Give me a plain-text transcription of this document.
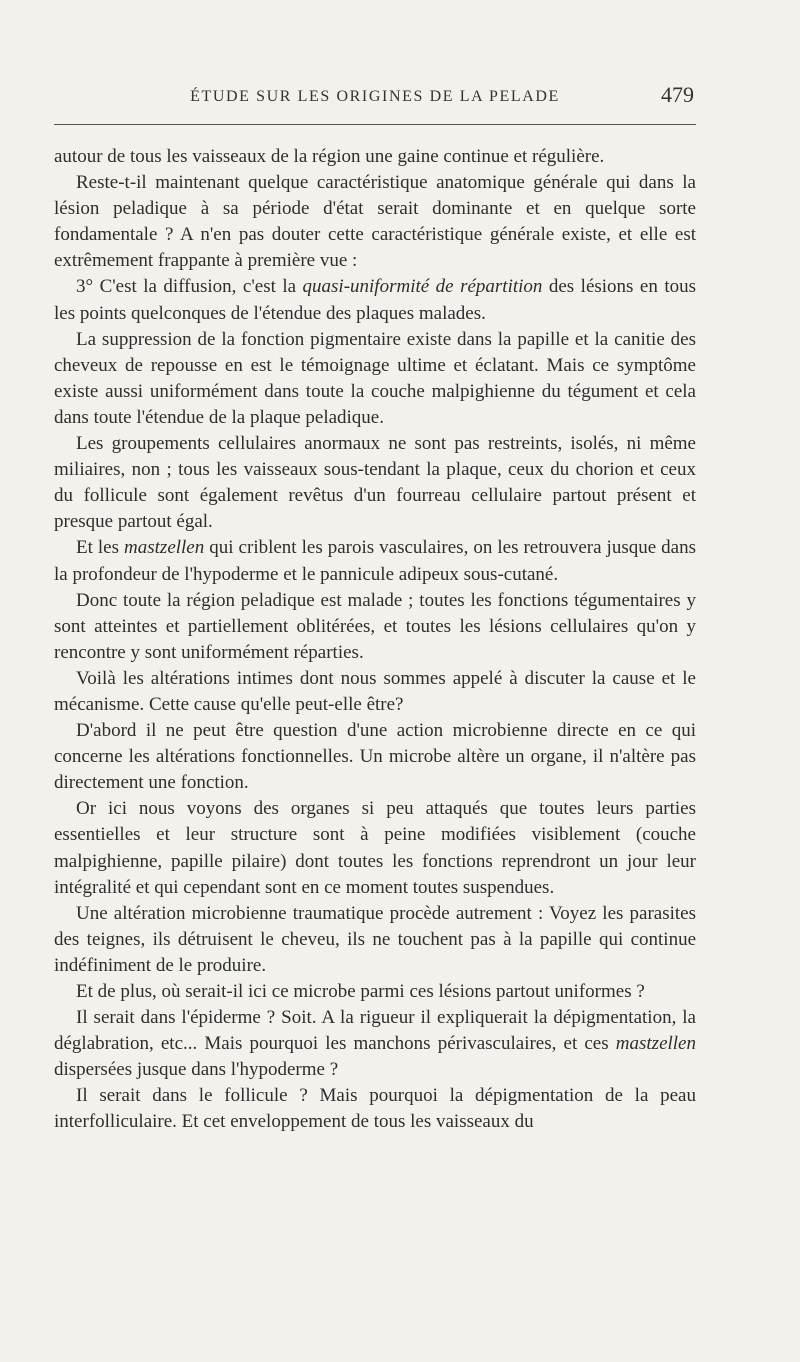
ÉTUDE SUR LES ORIGINES DE LA PELADE	479

autour de tous les vaisseaux de la région une gaine continue et régulière.

Reste-t-il maintenant quelque caractéristique anatomique générale qui dans la lésion peladique à sa période d'état serait dominante et en quelque sorte fondamentale ? A n'en pas douter cette caractéristique générale existe, et elle est extrêmement frappante à première vue :

3° C'est la diffusion, c'est la quasi-uniformité de répartition des lésions en tous les points quelconques de l'étendue des plaques malades.

La suppression de la fonction pigmentaire existe dans la papille et la canitie des cheveux de repousse en est le témoignage ultime et éclatant. Mais ce symptôme existe aussi uniformément dans toute la couche malpighienne du tégument et cela dans toute l'étendue de la plaque peladique.

Les groupements cellulaires anormaux ne sont pas restreints, isolés, ni même miliaires, non ; tous les vaisseaux sous-tendant la plaque, ceux du chorion et ceux du follicule sont également revêtus d'un fourreau cellulaire partout présent et presque partout égal.

Et les mastzellen qui criblent les parois vasculaires, on les retrouvera jusque dans la profondeur de l'hypoderme et le pannicule adipeux sous-cutané.

Donc toute la région peladique est malade ; toutes les fonctions tégumentaires y sont atteintes et partiellement oblitérées, et toutes les lésions cellulaires qu'on y rencontre y sont uniformément réparties.

Voilà les altérations intimes dont nous sommes appelé à discuter la cause et le mécanisme. Cette cause qu'elle peut-elle être?

D'abord il ne peut être question d'une action microbienne directe en ce qui concerne les altérations fonctionnelles. Un microbe altère un organe, il n'altère pas directement une fonction.

Or ici nous voyons des organes si peu attaqués que toutes leurs parties essentielles et leur structure sont à peine modifiées visiblement (couche malpighienne, papille pilaire) dont toutes les fonctions reprendront un jour leur intégralité et qui cependant sont en ce moment toutes suspendues.

Une altération microbienne traumatique procède autrement : Voyez les parasites des teignes, ils détruisent le cheveu, ils ne touchent pas à la papille qui continue indéfiniment de le produire.

Et de plus, où serait-il ici ce microbe parmi ces lésions partout uniformes ?

Il serait dans l'épiderme ? Soit. A la rigueur il expliquerait la dépigmentation, la déglabration, etc... Mais pourquoi les manchons périvasculaires, et ces mastzellen dispersées jusque dans l'hypoderme ?

Il serait dans le follicule ? Mais pourquoi la dépigmentation de la peau interfolliculaire. Et cet enveloppement de tous les vaisseaux du
